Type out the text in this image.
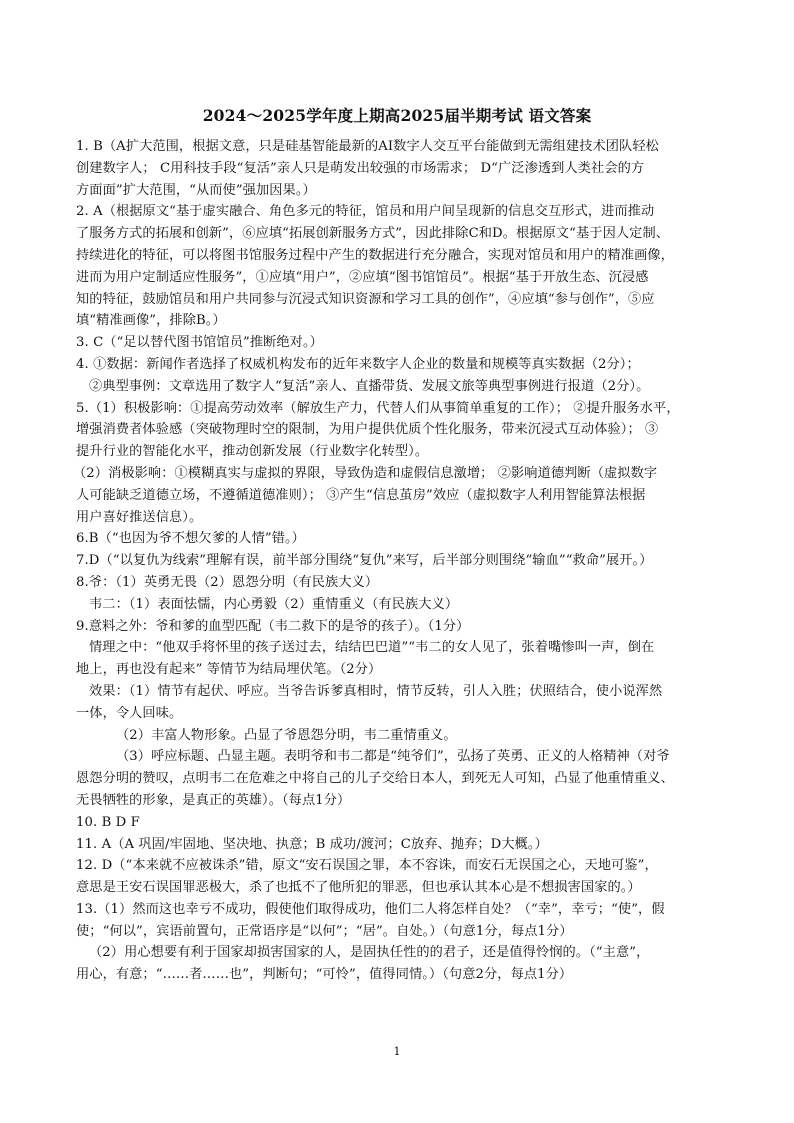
2024～2025学年度上期高2025届半期考试 语文答案
1. B（A扩大范围，根据文意，只是硅基智能最新的AI数字人交互平台能做到无需组建技术团队轻松
创建数字人； C用科技手段“复活”亲人只是萌发出较强的市场需求； D“广泛渗透到人类社会的方
方面面”扩大范围，“从而使”强加因果。）
2. A（根据原文“基于虚实融合、角色多元的特征，馆员和用户间呈现新的信息交互形式，进而推动
了服务方式的拓展和创新”，⑥应填“拓展创新服务方式”，因此排除C和D。根据原文“基于因人定制、
持续进化的特征，可以将图书馆服务过程中产生的数据进行充分融合，实现对馆员和用户的精准画像，
进而为用户定制适应性服务”，①应填“用户”，②应填“图书馆馆员”。根据“基于开放生态、沉浸感
知的特征，鼓励馆员和用户共同参与沉浸式知识资源和学习工具的创作”，④应填“参与创作”，⑤应
填“精准画像”，排除B。）
3. C（“足以替代图书馆馆员”推断绝对。）
4. ①数据：新闻作者选择了权威机构发布的近年来数字人企业的数量和规模等真实数据（2分）；
②典型事例：文章选用了数字人“复活”亲人、直播带货、发展文旅等典型事例进行报道（2分）。
5.（1）积极影响：①提高劳动效率（解放生产力，代替人们从事简单重复的工作）； ②提升服务水平，
增强消费者体验感（突破物理时空的限制，为用户提供优质个性化服务，带来沉浸式互动体验）； ③
提升行业的智能化水平，推动创新发展（行业数字化转型）。
（2）消极影响：①模糊真实与虚拟的界限，导致伪造和虚假信息激增； ②影响道德判断（虚拟数字
人可能缺乏道德立场，不遵循道德准则）； ③产生“信息茧房”效应（虚拟数字人利用智能算法根据
用户喜好推送信息）。
6.B（“也因为爷不想欠爹的人情”错。）
7.D（“以复仇为线索”理解有误，前半部分围绕“复仇”来写，后半部分则围绕“输血”“救命”展开。）
8.爷：（1）英勇无畏（2）恩怨分明（有民族大义）
韦二：（1）表面怯懦，内心勇毅（2）重情重义（有民族大义）
9.意料之外：爷和爹的血型匹配（韦二救下的是爷的孩子）。（1分）
情理之中：“他双手将怀里的孩子送过去，结结巴巴道”“韦二的女人见了，张着嘴惨叫一声，倒在
地上，再也没有起来” 等情节为结局埋伏笔。（2分）
效果：（1）情节有起伏、呼应。当爷告诉爹真相时，情节反转，引人入胜；伏照结合，使小说浑然
一体，令人回味。
（2）丰富人物形象。凸显了爷恩怨分明，韦二重情重义。
（3）呼应标题、凸显主题。表明爷和韦二都是“纯爷们”，弘扬了英勇、正义的人格精神（对爷
恩怨分明的赞叹，点明韦二在危难之中将自己的儿子交给日本人，到死无人可知，凸显了他重情重义、
无畏牺牲的形象，是真正的英雄）。（每点1分）
10. B D F
11. A（A 巩固/牢固地、坚决地、执意；B 成功/渡河；C放弃、抛弃；D大概。）
12. D（“本来就不应被诛杀”错，原文“安石误国之罪，本不容诛，而安石无误国之心，天地可鉴”，
意思是王安石误国罪恶极大，杀了也抵不了他所犯的罪恶，但也承认其本心是不想损害国家的。）
13.（1）然而这也幸亏不成功，假使他们取得成功，他们二人将怎样自处？（“幸”，幸亏；“使”，假
使；“何以”，宾语前置句，正常语序是“以何”；“居”。自处。）（句意1分，每点1分）
（2）用心想要有利于国家却损害国家的人，是固执任性的的君子，还是值得怜悯的。（“主意”，
用心，有意；“……者……也”，判断句；“可怜”，值得同情。）（句意2分，每点1分）
1
